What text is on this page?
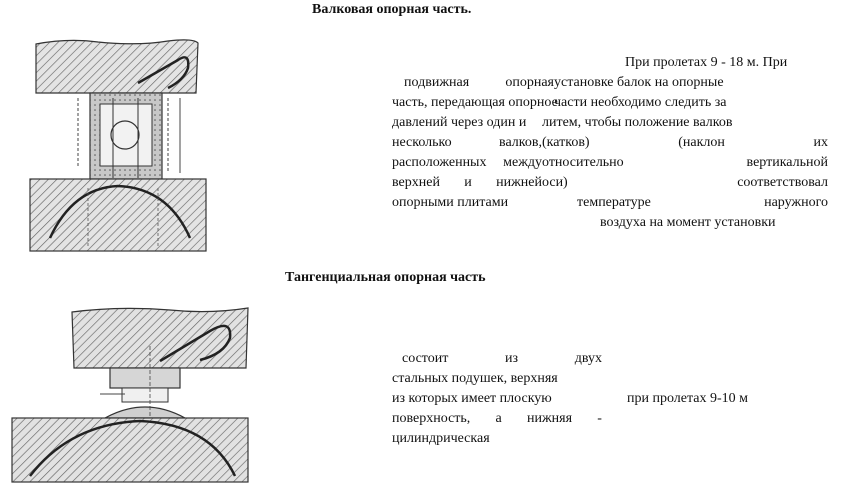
Валковая опорная часть.
Тангенциальная опорная часть
подвижная	опорная
часть, передающая опорное
давлений через один и
несколько	валков,
расположенных между
верхней и нижней
опорными плитами
При пролетах 9 - 18 м. При
установке балок на опорные
части необходимо следить за
литем, чтобы положение валков
(катков)	(наклон	их
относительно	вертикальной
оси)	соответствовал
температуре	наружного
воздуха на момент установки
состоит	из	двух
стальных подушек, верхняя
из которых имеет плоскую
поверхность, а нижняя -
цилиндрическая
при пролетах 9-10 м
